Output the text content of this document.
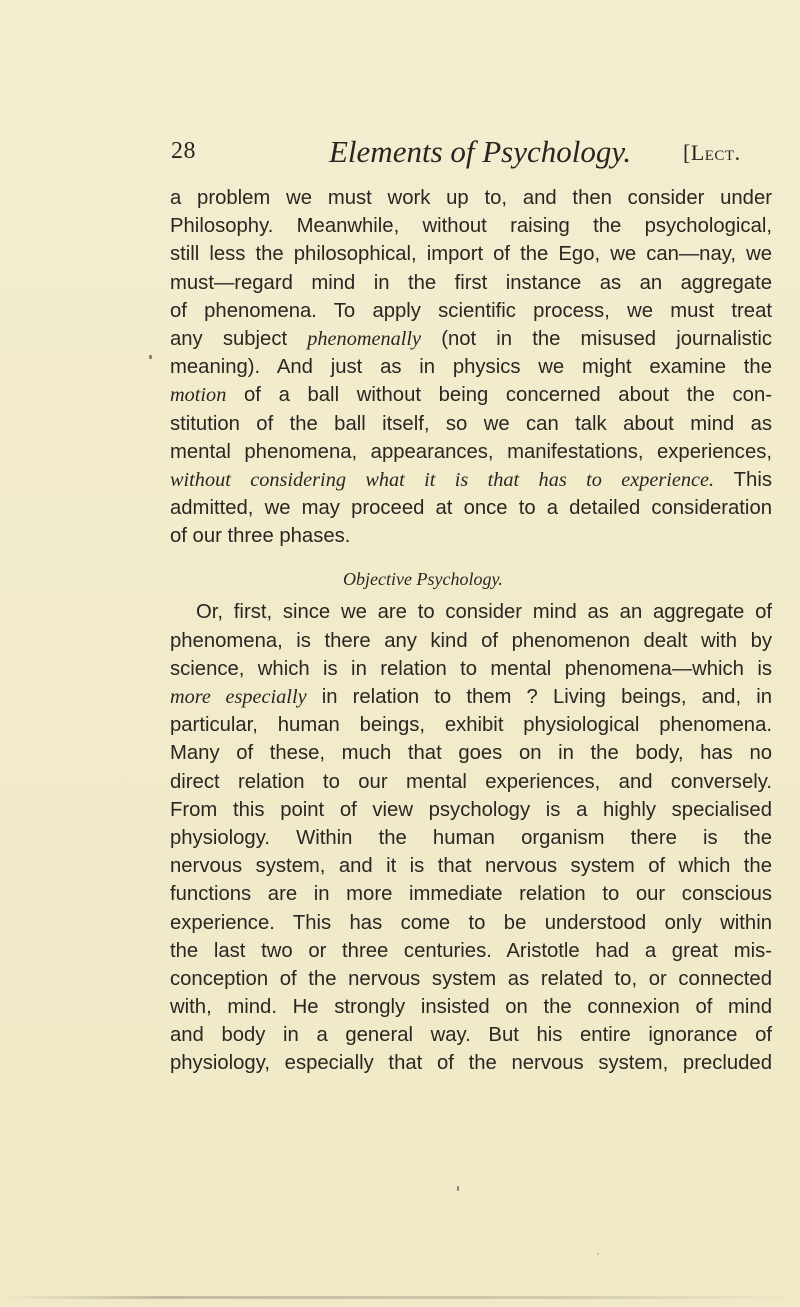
28	Elements of Psychology. [Lect.
a problem we must work up to, and then consider under
Philosophy. Meanwhile, without raising the psychological,
still less the philosophical, import of the Ego, we can—nay, we
must—regard mind in the first instance as an aggregate
of phenomena. To apply scientific process, we must treat
any subject phenomenally (not in the misused journalistic
meaning). And just as in physics we might examine the
motion of a ball without being concerned about the con-
stitution of the ball itself, so we can talk about mind as
mental phenomena, appearances, manifestations, experiences,
without considering what it is that has to experience. This
admitted, we may proceed at once to a detailed consideration
of our three phases.
Objective Psychology.
Or, first, since we are to consider mind as an aggregate of
phenomena, is there any kind of phenomenon dealt with by
science, which is in relation to mental phenomena—which is
more especially in relation to them ? Living beings, and, in
particular, human beings, exhibit physiological phenomena.
Many of these, much that goes on in the body, has no
direct relation to our mental experiences, and conversely.
From this point of view psychology is a highly specialised
physiology. Within the human organism there is the
nervous system, and it is that nervous system of which the
functions are in more immediate relation to our conscious
experience. This has come to be understood only within
the last two or three centuries. Aristotle had a great mis-
conception of the nervous system as related to, or connected
with, mind. He strongly insisted on the connexion of mind
and body in a general way. But his entire ignorance of
physiology, especially that of the nervous system, precluded
